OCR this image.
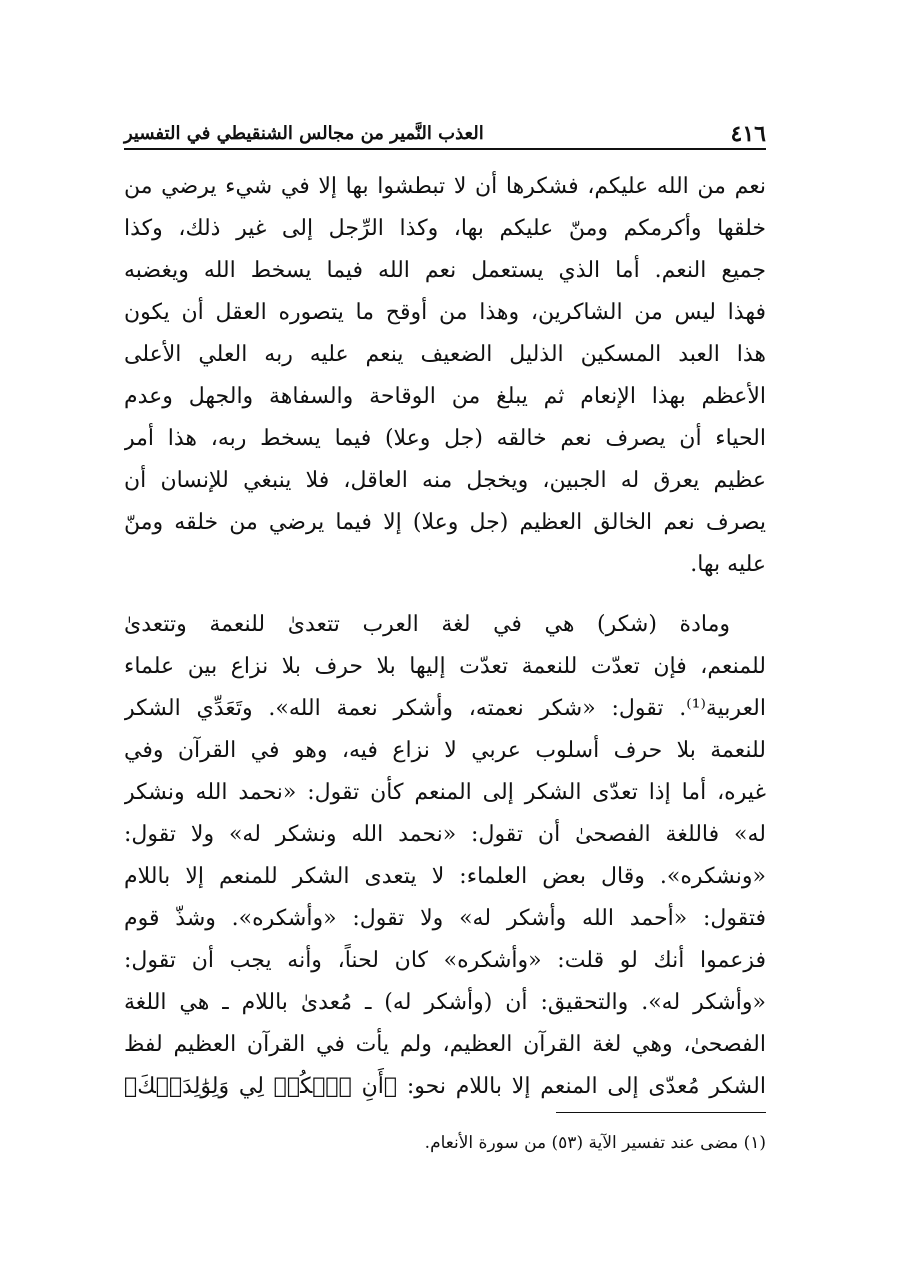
٤١٦
العذب النَّمير من مجالس الشنقيطي في التفسير
نعم من الله عليكم، فشكرها أن لا تبطشوا بها إلا في شيء يرضي من
خلقها وأكرمكم ومنّ عليكم بها، وكذا الرِّجل إلى غير ذلك، وكذا
جميع النعم. أما الذي يستعمل نعم الله فيما يسخط الله ويغضبه
فهذا ليس من الشاكرين، وهذا من أوقح ما يتصوره العقل أن يكون
هذا العبد المسكين الذليل الضعيف ينعم عليه ربه العلي الأعلى
الأعظم بهذا الإنعام ثم يبلغ من الوقاحة والسفاهة والجهل وعدم
الحياء أن يصرف نعم خالقه (جل وعلا) فيما يسخط ربه، هذا أمر
عظيم يعرق له الجبين، ويخجل منه العاقل، فلا ينبغي للإنسان أن
يصرف نعم الخالق العظيم (جل وعلا) إلا فيما يرضي من خلقه ومنّ
عليه بها.
ومادة (شكر) هي في لغة العرب تتعدىٰ للنعمة وتتعدىٰ
للمنعم، فإن تعدّت للنعمة تعدّت إليها بلا حرف بلا نزاع بين علماء
العربية⁽¹⁾. تقول: «شكر نعمته، وأشكر نعمة الله». وتَعَدِّي الشكر
للنعمة بلا حرف أسلوب عربي لا نزاع فيه، وهو في القرآن وفي
غيره، أما إذا تعدّى الشكر إلى المنعم كأن تقول: «نحمد الله ونشكر
له» فاللغة الفصحىٰ أن تقول: «نحمد الله ونشكر له» ولا تقول:
«ونشكره». وقال بعض العلماء: لا يتعدى الشكر للمنعم إلا باللام
فتقول: «أحمد الله وأشكر له» ولا تقول: «وأشكره». وشذّ قوم
فزعموا أنك لو قلت: «وأشكره» كان لحناً، وأنه يجب أن تقول:
«وأشكر له». والتحقيق: أن (وأشكر له) ـ مُعدىٰ باللام ـ هي اللغة
الفصحىٰ، وهي لغة القرآن العظيم، ولم يأت في القرآن العظيم لفظ
الشكر مُعدّى إلى المنعم إلا باللام نحو: ﴿أَنِ ٱشۡكُرۡ لِي وَلِوَٰلِدَيۡكَ﴾
(١) مضى عند تفسير الآية (٥٣) من سورة الأنعام.
